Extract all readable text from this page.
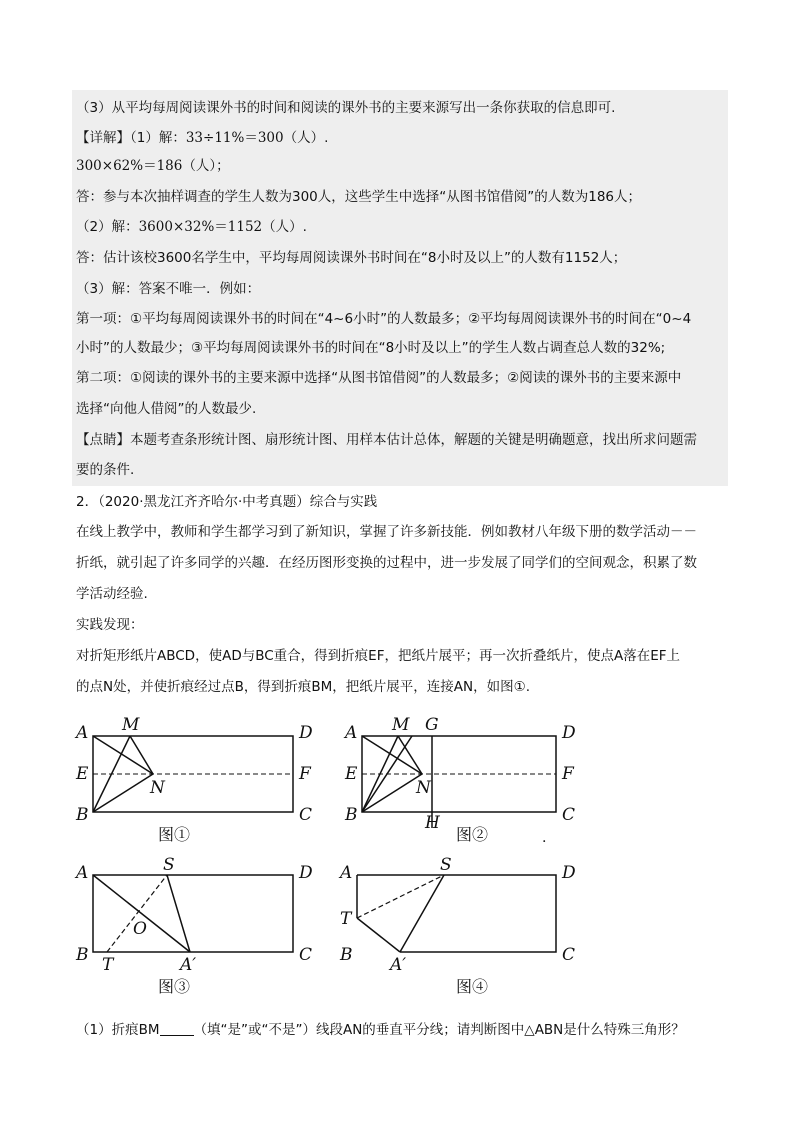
（3）从平均每周阅读课外书的时间和阅读的课外书的主要来源写出一条你获取的信息即可.
【详解】（1）解：33÷11%＝300（人）.
300×62%＝186（人）；
答：参与本次抽样调查的学生人数为300人，这些学生中选择“从图书馆借阅”的人数为186人；
（2）解：3600×32%＝1152（人）.
答：估计该校3600名学生中，平均每周阅读课外书时间在“8小时及以上”的人数有1152人；
（3）解：答案不唯一．例如：
第一项：①平均每周阅读课外书的时间在“4~6小时”的人数最多；②平均每周阅读课外书的时间在“0~4
小时”的人数最少；③平均每周阅读课外书的时间在“8小时及以上”的学生人数占调查总人数的32%;
第二项：①阅读的课外书的主要来源中选择“从图书馆借阅”的人数最多；②阅读的课外书的主要来源中
选择“向他人借阅”的人数最少.
【点睛】本题考查条形统计图、扇形统计图、用样本估计总体，解题的关键是明确题意，找出所求问题需
要的条件.
2．（2020·黑龙江齐齐哈尔·中考真题）综合与实践
在线上教学中，教师和学生都学习到了新知识，掌握了许多新技能．例如教材八年级下册的数学活动－－
折纸，就引起了许多同学的兴趣．在经历图形变换的过程中，进一步发展了同学们的空间观念，积累了数
学活动经验.
实践发现：
对折矩形纸片ABCD，使AD与BC重合，得到折痕EF，把纸片展平；再一次折叠纸片，使点A落在EF上
的点N处，并使折痕经过点B，得到折痕BM，把纸片展平，连接AN，如图①.
A
B	C
D
E	F
M
N
图①
A
B	C
D
E	F
M G
N
H
图②	.
A
B	C
D
S
O
T	A′
图③
A
B	C
D
S
T
A′
图④
（1）折痕BM	（填“是”或“不是”）线段AN的垂直平分线；请判断图中△ABN是什么特殊三角形？
